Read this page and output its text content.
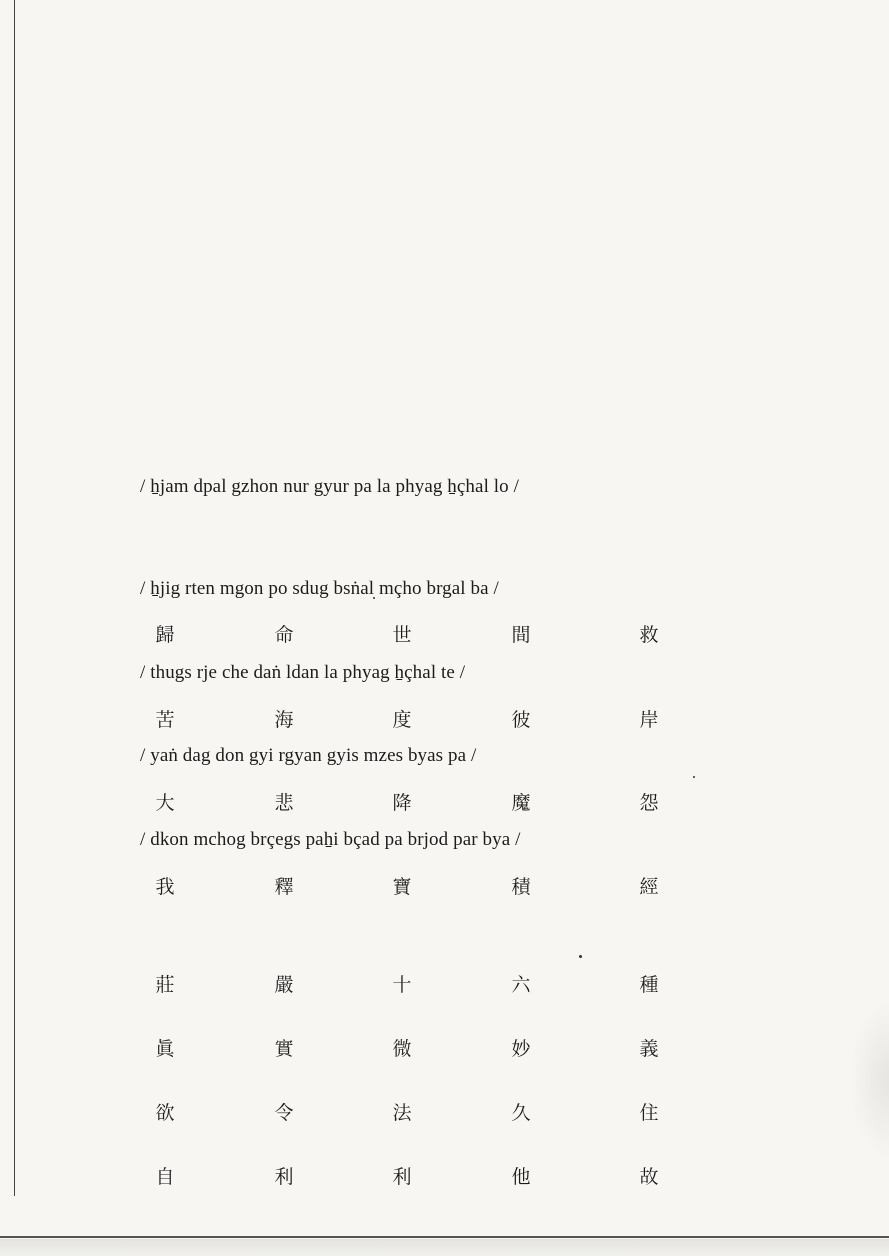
/ ẖjam dpal gzhon nur gyur pa la phyag ẖçhal lo /
/ ẖjig rten mgon po sdug bsṅal mçho brgal ba /
歸	命	世	間	救
/ thugs rje che daṅ ldan la phyag ẖçhal te /
苦	海	度	彼	岸
/ yaṅ dag don gyi rgyan gyis mzes byas pa /
大	悲	降	魔	怨
/ dkon mchog brçegs paẖi bçad pa brjod par bya /
我	釋	寶	積	經
莊	嚴	十	六	種
眞	實	微	妙	義
欲	令	法	久	住
自	利	利	他	故
